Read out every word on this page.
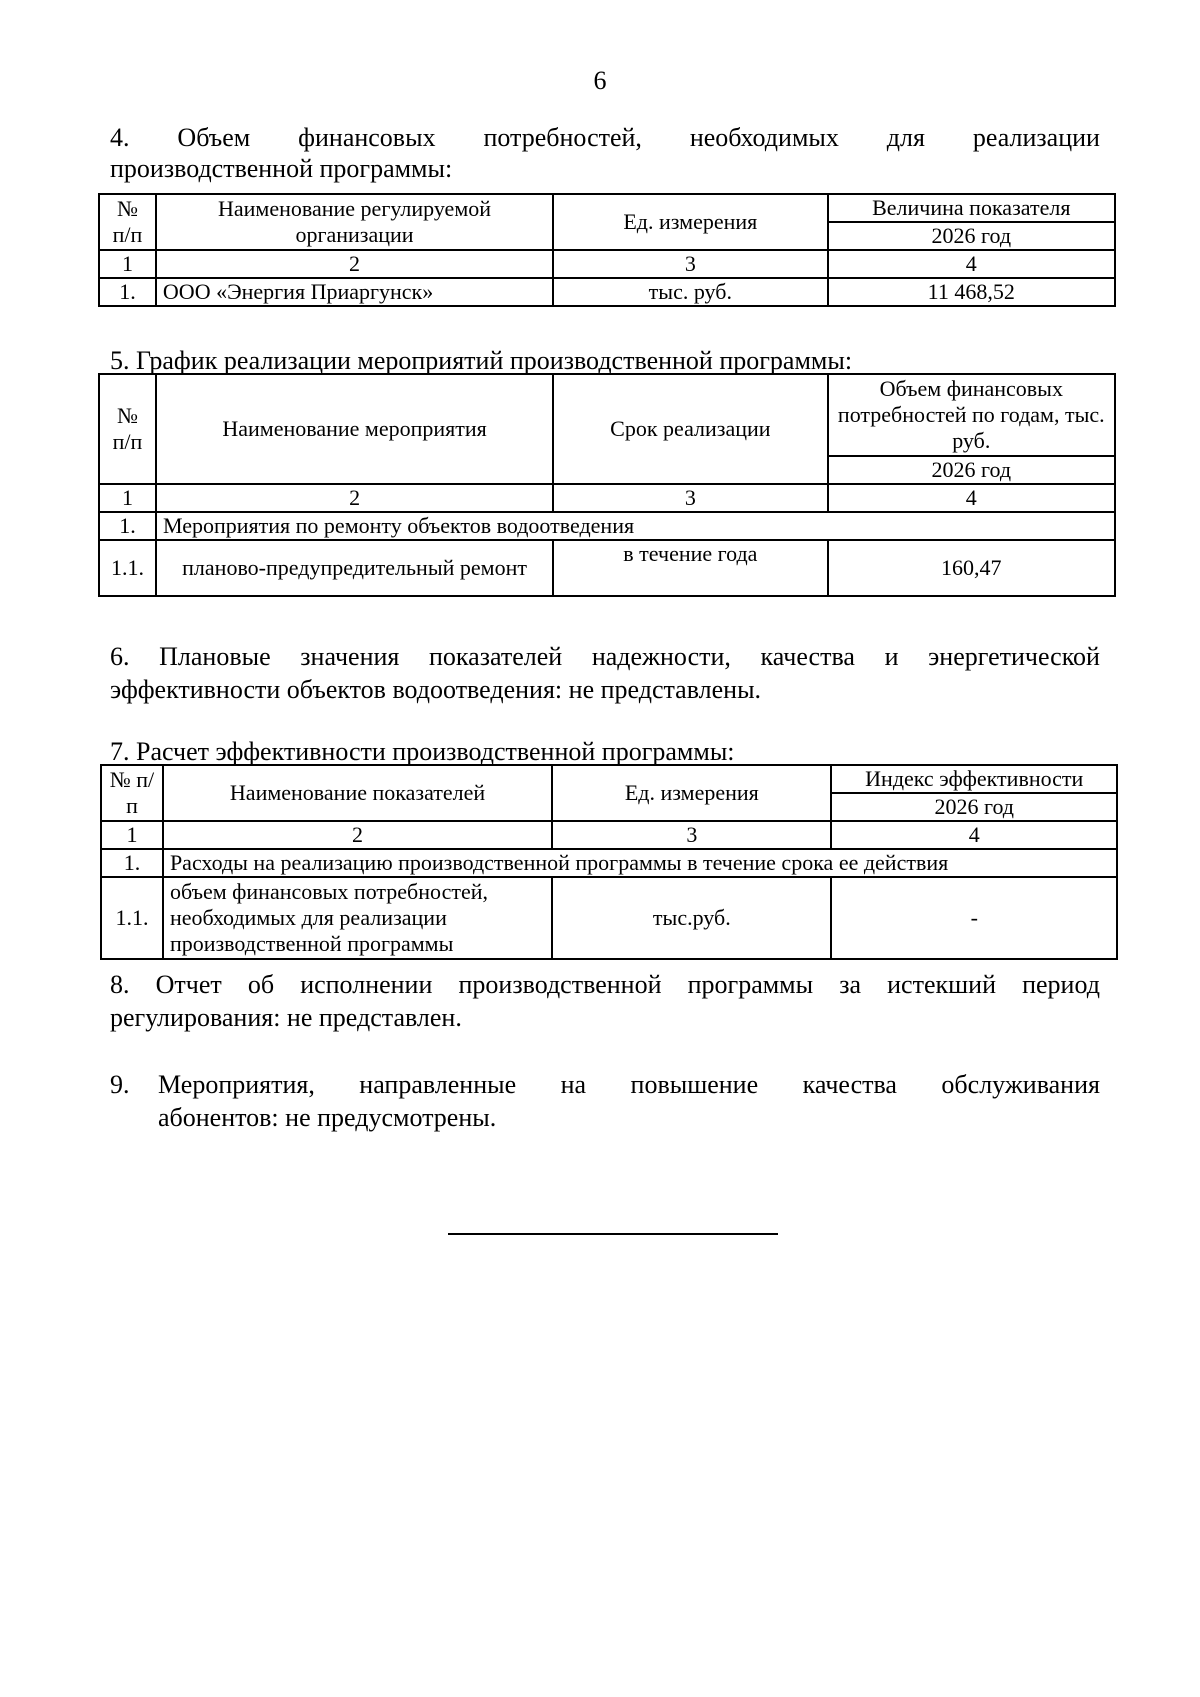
6
4. Объем финансовых потребностей, необходимых для реализации
производственной программы:
№ п/п	Наименование регулируемой организации	Ед. измерения	Величина показателя
			2026 год
1	2	3	4
1.	ООО «Энергия Приаргунск»	тыс. руб.	11 468,52
5. График реализации мероприятий производственной программы:
№ п/п	Наименование мероприятия	Срок реализации	Объем финансовых потребностей по годам, тыс. руб.
			2026 год
1	2	3	4
1.	Мероприятия по ремонту объектов водоотведения		
1.1.	планово-предупредительный ремонт	в течение года	160,47
6. Плановые значения показателей надежности, качества и энергетической
эффективности объектов водоотведения: не представлены.
7. Расчет эффективности производственной программы:
№ п/п	Наименование показателей	Ед. измерения	Индекс эффективности
			2026 год
1	2	3	4
1.	Расходы на реализацию производственной программы в течение срока ее действия		
1.1.	объем финансовых потребностей, необходимых для реализации производственной программы	тыс.руб.	-
8. Отчет об исполнении производственной программы за истекший период
регулирования: не представлен.
9. Мероприятия, направленные на повышение качества обслуживания
абонентов: не предусмотрены.
